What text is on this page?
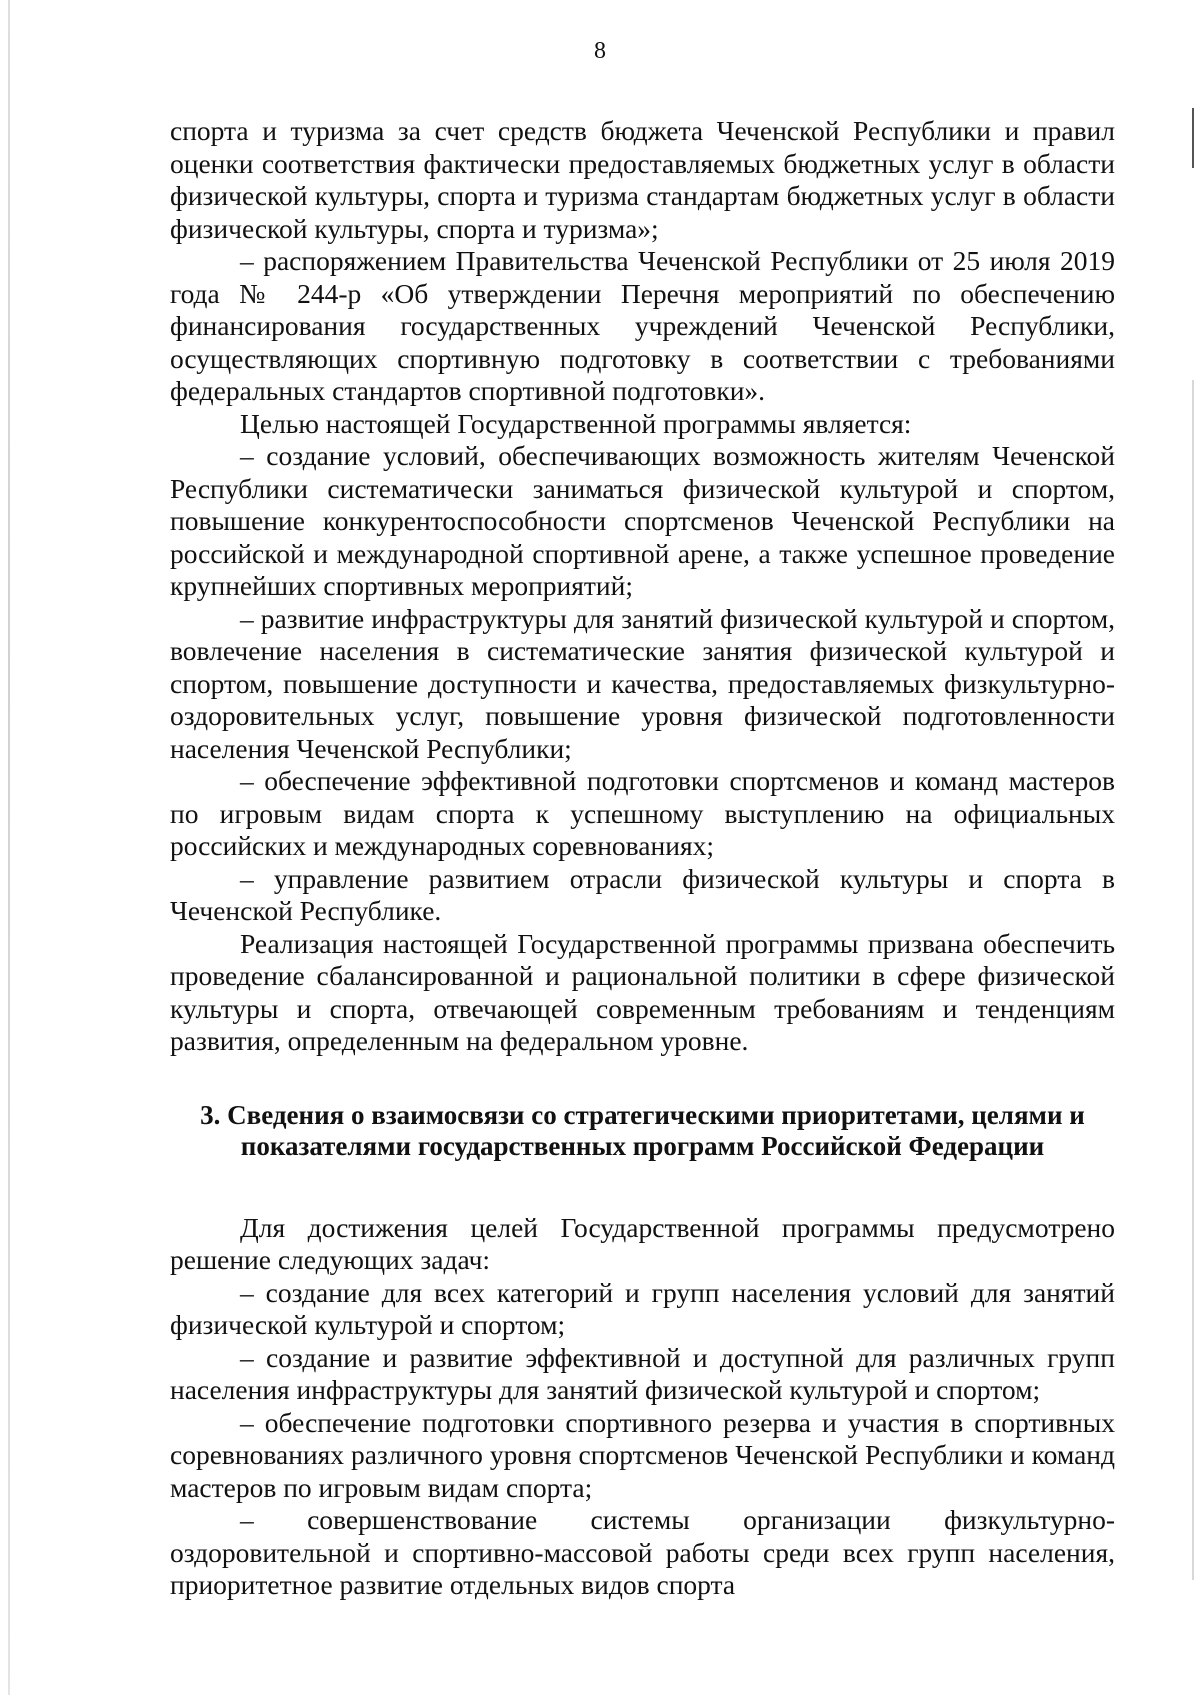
8

спорта и туризма за счет средств бюджета Чеченской Республики и правил оценки соответствия фактически предоставляемых бюджетных услуг в области физической культуры, спорта и туризма стандартам бюджетных услуг в области физической культуры, спорта и туризма»;

– распоряжением Правительства Чеченской Республики от 25 июля 2019 года № 244-р «Об утверждении Перечня мероприятий по обеспечению финансирования государственных учреждений Чеченской Республики, осуществляющих спортивную подготовку в соответствии с требованиями федеральных стандартов спортивной подготовки».

Целью настоящей Государственной программы является:

– создание условий, обеспечивающих возможность жителям Чеченской Республики систематически заниматься физической культурой и спортом, повышение конкурентоспособности спортсменов Чеченской Республики на российской и международной спортивной арене, а также успешное проведение крупнейших спортивных мероприятий;

– развитие инфраструктуры для занятий физической культурой и спортом, вовлечение населения в систематические занятия физической культурой и спортом, повышение доступности и качества, предоставляемых физкультурно-оздоровительных услуг, повышение уровня физической подготовленности населения Чеченской Республики;

– обеспечение эффективной подготовки спортсменов и команд мастеров по игровым видам спорта к успешному выступлению на официальных российских и международных соревнованиях;

– управление развитием отрасли физической культуры и спорта в Чеченской Республике.

Реализация настоящей Государственной программы призвана обеспечить проведение сбалансированной и рациональной политики в сфере физической культуры и спорта, отвечающей современным требованиям и тенденциям развития, определенным на федеральном уровне.

3. Сведения о взаимосвязи со стратегическими приоритетами, целями и показателями государственных программ Российской Федерации

Для достижения целей Государственной программы предусмотрено решение следующих задач:

– создание для всех категорий и групп населения условий для занятий физической культурой и спортом;

– создание и развитие эффективной и доступной для различных групп населения инфраструктуры для занятий физической культурой и спортом;

– обеспечение подготовки спортивного резерва и участия в спортивных соревнованиях различного уровня спортсменов Чеченской Республики и команд мастеров по игровым видам спорта;

– совершенствование системы организации физкультурно-оздоровительной и спортивно-массовой работы среди всех групп населения, приоритетное развитие отдельных видов спорта
